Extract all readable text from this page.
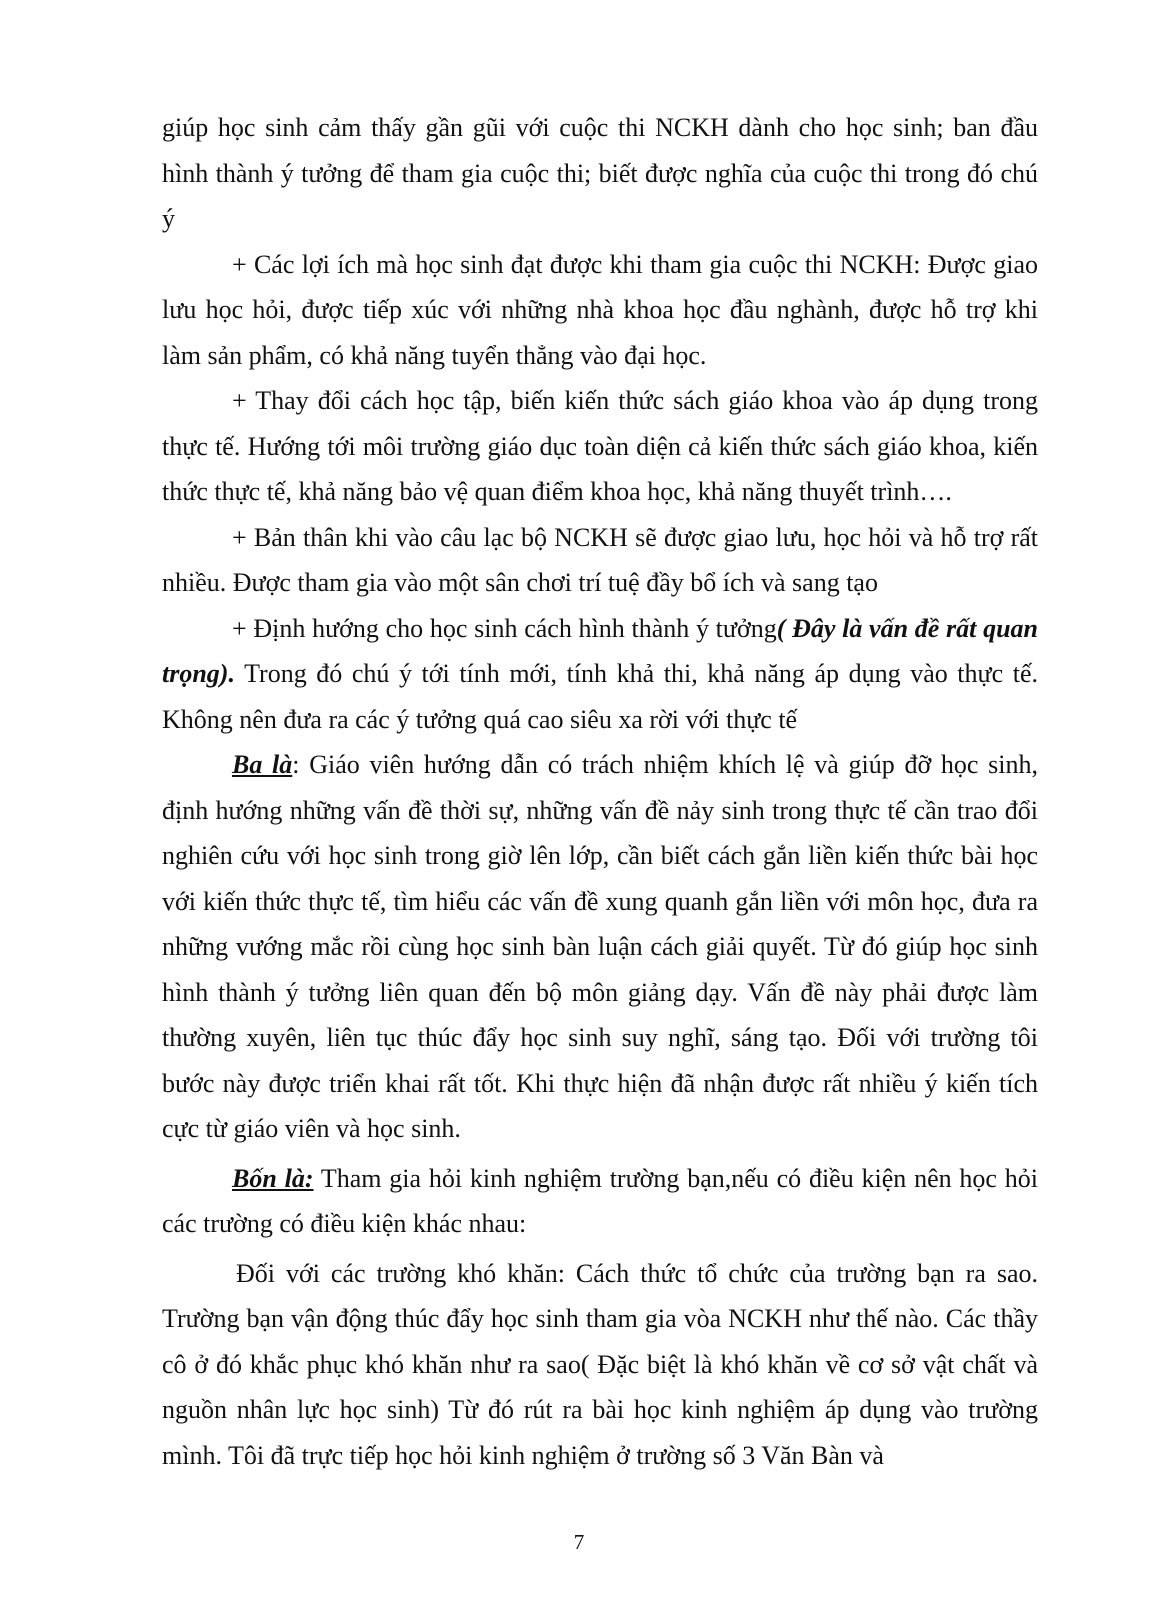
giúp học sinh cảm thấy gần gũi với cuộc thi NCKH dành cho học sinh; ban đầu hình thành ý tưởng để tham gia cuộc thi; biết được nghĩa của cuộc thi trong đó chú ý

+ Các lợi ích mà học sinh đạt được khi tham gia cuộc thi NCKH: Được giao lưu học hỏi, được tiếp xúc với những nhà khoa học đầu nghành, được hỗ trợ khi làm sản phẩm, có khả năng tuyển thẳng vào đại học.

+ Thay đổi cách học tập, biến kiến thức sách giáo khoa vào áp dụng trong thực tế. Hướng tới môi trường giáo dục toàn diện cả kiến thức sách giáo khoa, kiến thức thực tế, khả năng bảo vệ quan điểm khoa học, khả năng thuyết trình….

+ Bản thân khi vào câu lạc bộ NCKH sẽ được giao lưu, học hỏi và hỗ trợ rất nhiều. Được tham gia vào một sân chơi trí tuệ đầy bổ ích và sang tạo

+ Định hướng cho học sinh cách hình thành ý tưởng( Đây là vấn đề rất quan trọng). Trong đó chú ý tới tính mới, tính khả thi, khả năng áp dụng vào thực tế. Không nên đưa ra các ý tưởng quá cao siêu xa rời với thực tế

Ba là: Giáo viên hướng dẫn có trách nhiệm khích lệ và giúp đỡ học sinh, định hướng những vấn đề thời sự, những vấn đề nảy sinh trong thực tế cần trao đổi nghiên cứu với học sinh trong giờ lên lớp, cần biết cách gắn liền kiến thức bài học với kiến thức thực tế, tìm hiểu các vấn đề xung quanh gắn liền với môn học, đưa ra những vướng mắc rồi cùng học sinh bàn luận cách giải quyết. Từ đó giúp học sinh hình thành ý tưởng liên quan đến bộ môn giảng dạy. Vấn đề này phải được làm thường xuyên, liên tục thúc đẩy học sinh suy nghĩ, sáng tạo. Đối với trường tôi bước này được triển khai rất tốt. Khi thực hiện đã nhận được rất nhiều ý kiến tích cực từ giáo viên và học sinh.

Bốn là: Tham gia hỏi kinh nghiệm trường bạn,nếu có điều kiện nên học hỏi các trường có điều kiện khác nhau:

Đối với các trường khó khăn: Cách thức tổ chức của trường bạn ra sao. Trường bạn vận động thúc đẩy học sinh tham gia vòa NCKH như thế nào. Các thầy cô ở đó khắc phục khó khăn như ra sao( Đặc biệt là khó khăn về cơ sở vật chất và nguồn nhân lực học sinh) Từ đó rút ra bài học kinh nghiệm áp dụng vào trường mình. Tôi đã trực tiếp học hỏi kinh nghiệm ở trường số 3 Văn Bàn và

7
